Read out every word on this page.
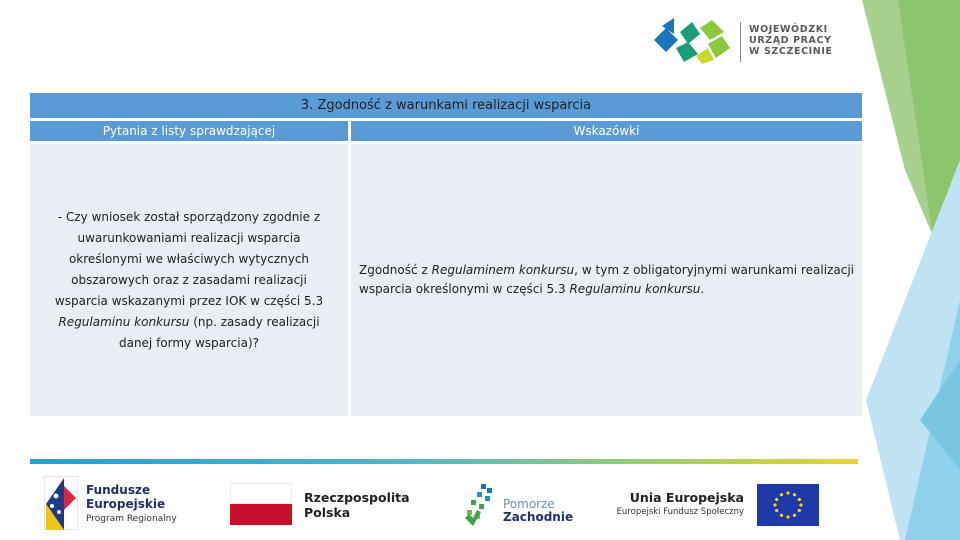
WOJEWÓDZKI
URZĄD PRACY
W SZCZECINIE
3. Zgodność z warunkami realizacji wsparcia
Pytania z listy sprawdzającej	Wskazówki

- Czy wniosek został sporządzony zgodnie z uwarunkowaniami realizacji wsparcia określonymi we właściwych wytycznych obszarowych oraz z zasadami realizacji wsparcia wskazanymi przez IOK w części 5.3 Regulaminu konkursu (np. zasady realizacji danej formy wsparcia)?

Zgodność z Regulaminem konkursu, w tym z obligatoryjnymi warunkami realizacji wsparcia określonymi w części 5.3 Regulaminu konkursu.

Fundusze
Europejskie
Program Regionalny
Rzeczpospolita
Polska
Pomorze
Zachodnie
Unia Europejska
Europejski Fundusz Społeczny
